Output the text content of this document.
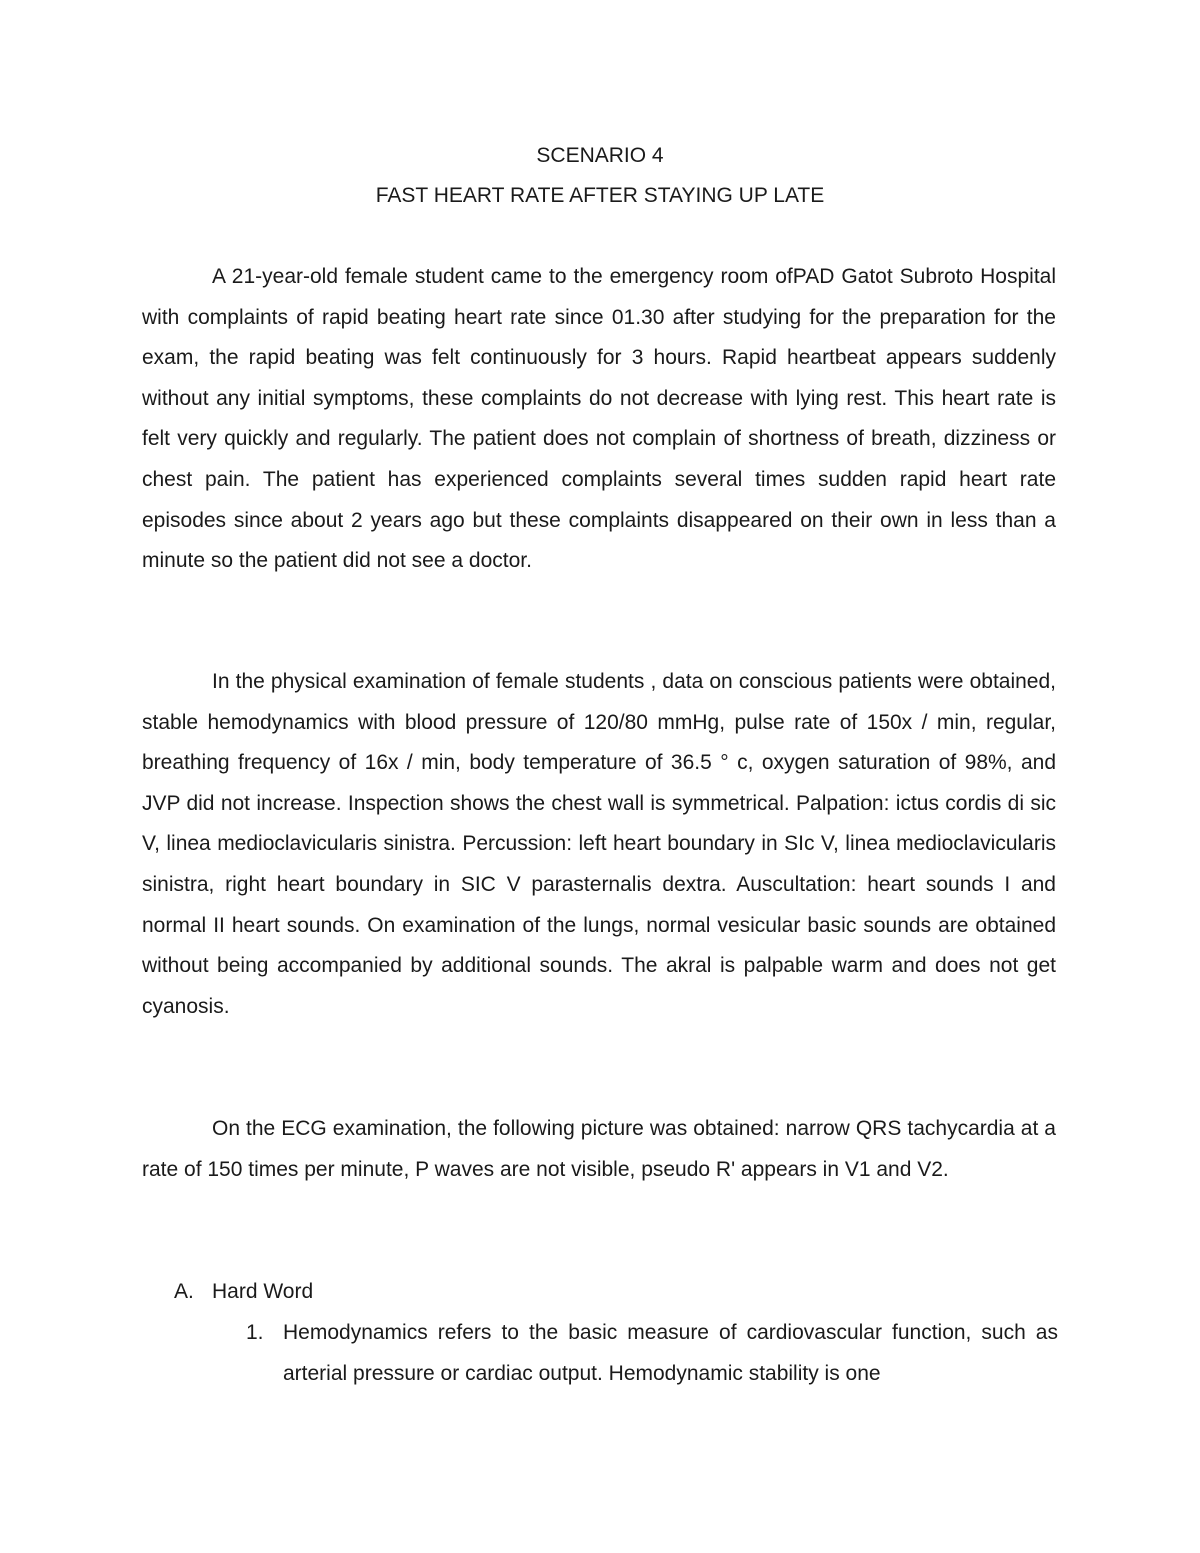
SCENARIO 4
FAST HEART RATE AFTER STAYING UP LATE

A 21-year-old female student came to the emergency room ofPAD Gatot Subroto Hospital with complaints of rapid beating heart rate since 01.30 after studying for the preparation for the exam, the rapid beating was felt continuously for 3 hours. Rapid heartbeat appears suddenly without any initial symptoms, these complaints do not decrease with lying rest. This heart rate is felt very quickly and regularly. The patient does not complain of shortness of breath, dizziness or chest pain. The patient has experienced complaints several times sudden rapid heart rate episodes since about 2 years ago but these complaints disappeared on their own in less than a minute so the patient did not see a doctor.

In the physical examination of female students , data on conscious patients were obtained, stable hemodynamics with blood pressure of 120/80 mmHg, pulse rate of 150x / min, regular, breathing frequency of 16x / min, body temperature of 36.5 ° c, oxygen saturation of 98%, and JVP did not increase. Inspection shows the chest wall is symmetrical. Palpation: ictus cordis di sic V, linea medioclavicularis sinistra. Percussion: left heart boundary in SIc V, linea medioclavicularis sinistra, right heart boundary in SIC V parasternalis dextra. Auscultation: heart sounds I and normal II heart sounds. On examination of the lungs, normal vesicular basic sounds are obtained without being accompanied by additional sounds. The akral is palpable warm and does not get cyanosis.

On the ECG examination, the following picture was obtained: narrow QRS tachycardia at a rate of 150 times per minute, P waves are not visible, pseudo R' appears in V1 and V2.

A. Hard Word
1. Hemodynamics refers to the basic measure of cardiovascular function, such as arterial pressure or cardiac output. Hemodynamic stability is one
